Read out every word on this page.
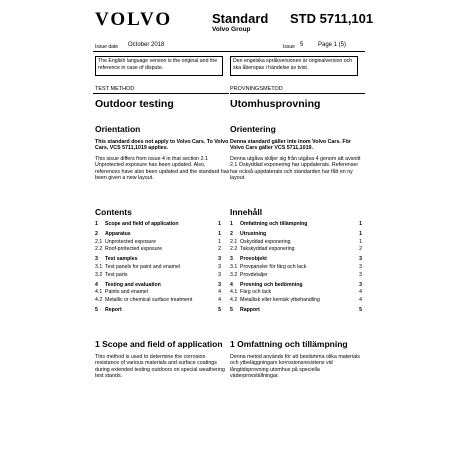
VOLVO	Standard
Volvo Group
STD 5711,101
Issue date October 2018	Issue 5 Page 1 (5)
The English language version is the original and the reference in case of dispute.
Den engelska språkversionen är originalversion och ska åberopas i händelse av tvist.
TEST METHOD
Outdoor testing
Orientation
This standard does not apply to Volvo Cars. To Volvo Cars, VCS 5711,1019 applies.
This issue differs from issue 4 in that section 2.1 Unprotected exposure has been updated. Also, references have also been updated and the standard has been given a new layout.
Contents
1 Scope and field of application	1
2 Apparatus	1
2.1 Unprotected exposure	1
2.2 Roof-protected exposure	2
3 Test samples	3
3.1 Test panels for paint and enamel	3
3.2 Test parts	3
4 Testing and evaluation	3
4.1 Paints and enamel	4
4.2 Metallic or chemical surface treatment	4
5 Report	5
1 Scope and field of application
This method is used to determine the corrosion resistance of various materials and surface coatings during extended testing outdoors on special weathering test stands.
PROVNINGSMETOD
Utomhusprovning
Orientering
Denna standard gäller inte inom Volvo Cars. För Volvo Cars gäller VCS 5711,1019.
Denna utgåva skiljer sig från utgåva 4 genom att avsnitt 2.1 Oskyddad exponering har uppdaterats. Referenser har också uppdaterats och standarden har fått en ny layout.
Innehåll
1 Omfattning och tillämpning	1
2 Utrustning	1
2.1 Oskyddad exponering	1
2.2 Takskyddad exponering	2
3 Provobjekt	3
3.1 Provpaneler för färg och lack	3
3.2 Provdetaljer	3
4 Provning och bedömning	3
4.1 Färg och lack	4
4.2 Metallisk eller kemisk ytbehandling	4
5 Rapport	5
1 Omfattning och tillämpning
Denna metod används för att bestämma olika materials och ytbeläggningars korrosionsresistens vid långtidsprovning utomhus på speciella väderprovställningar.
